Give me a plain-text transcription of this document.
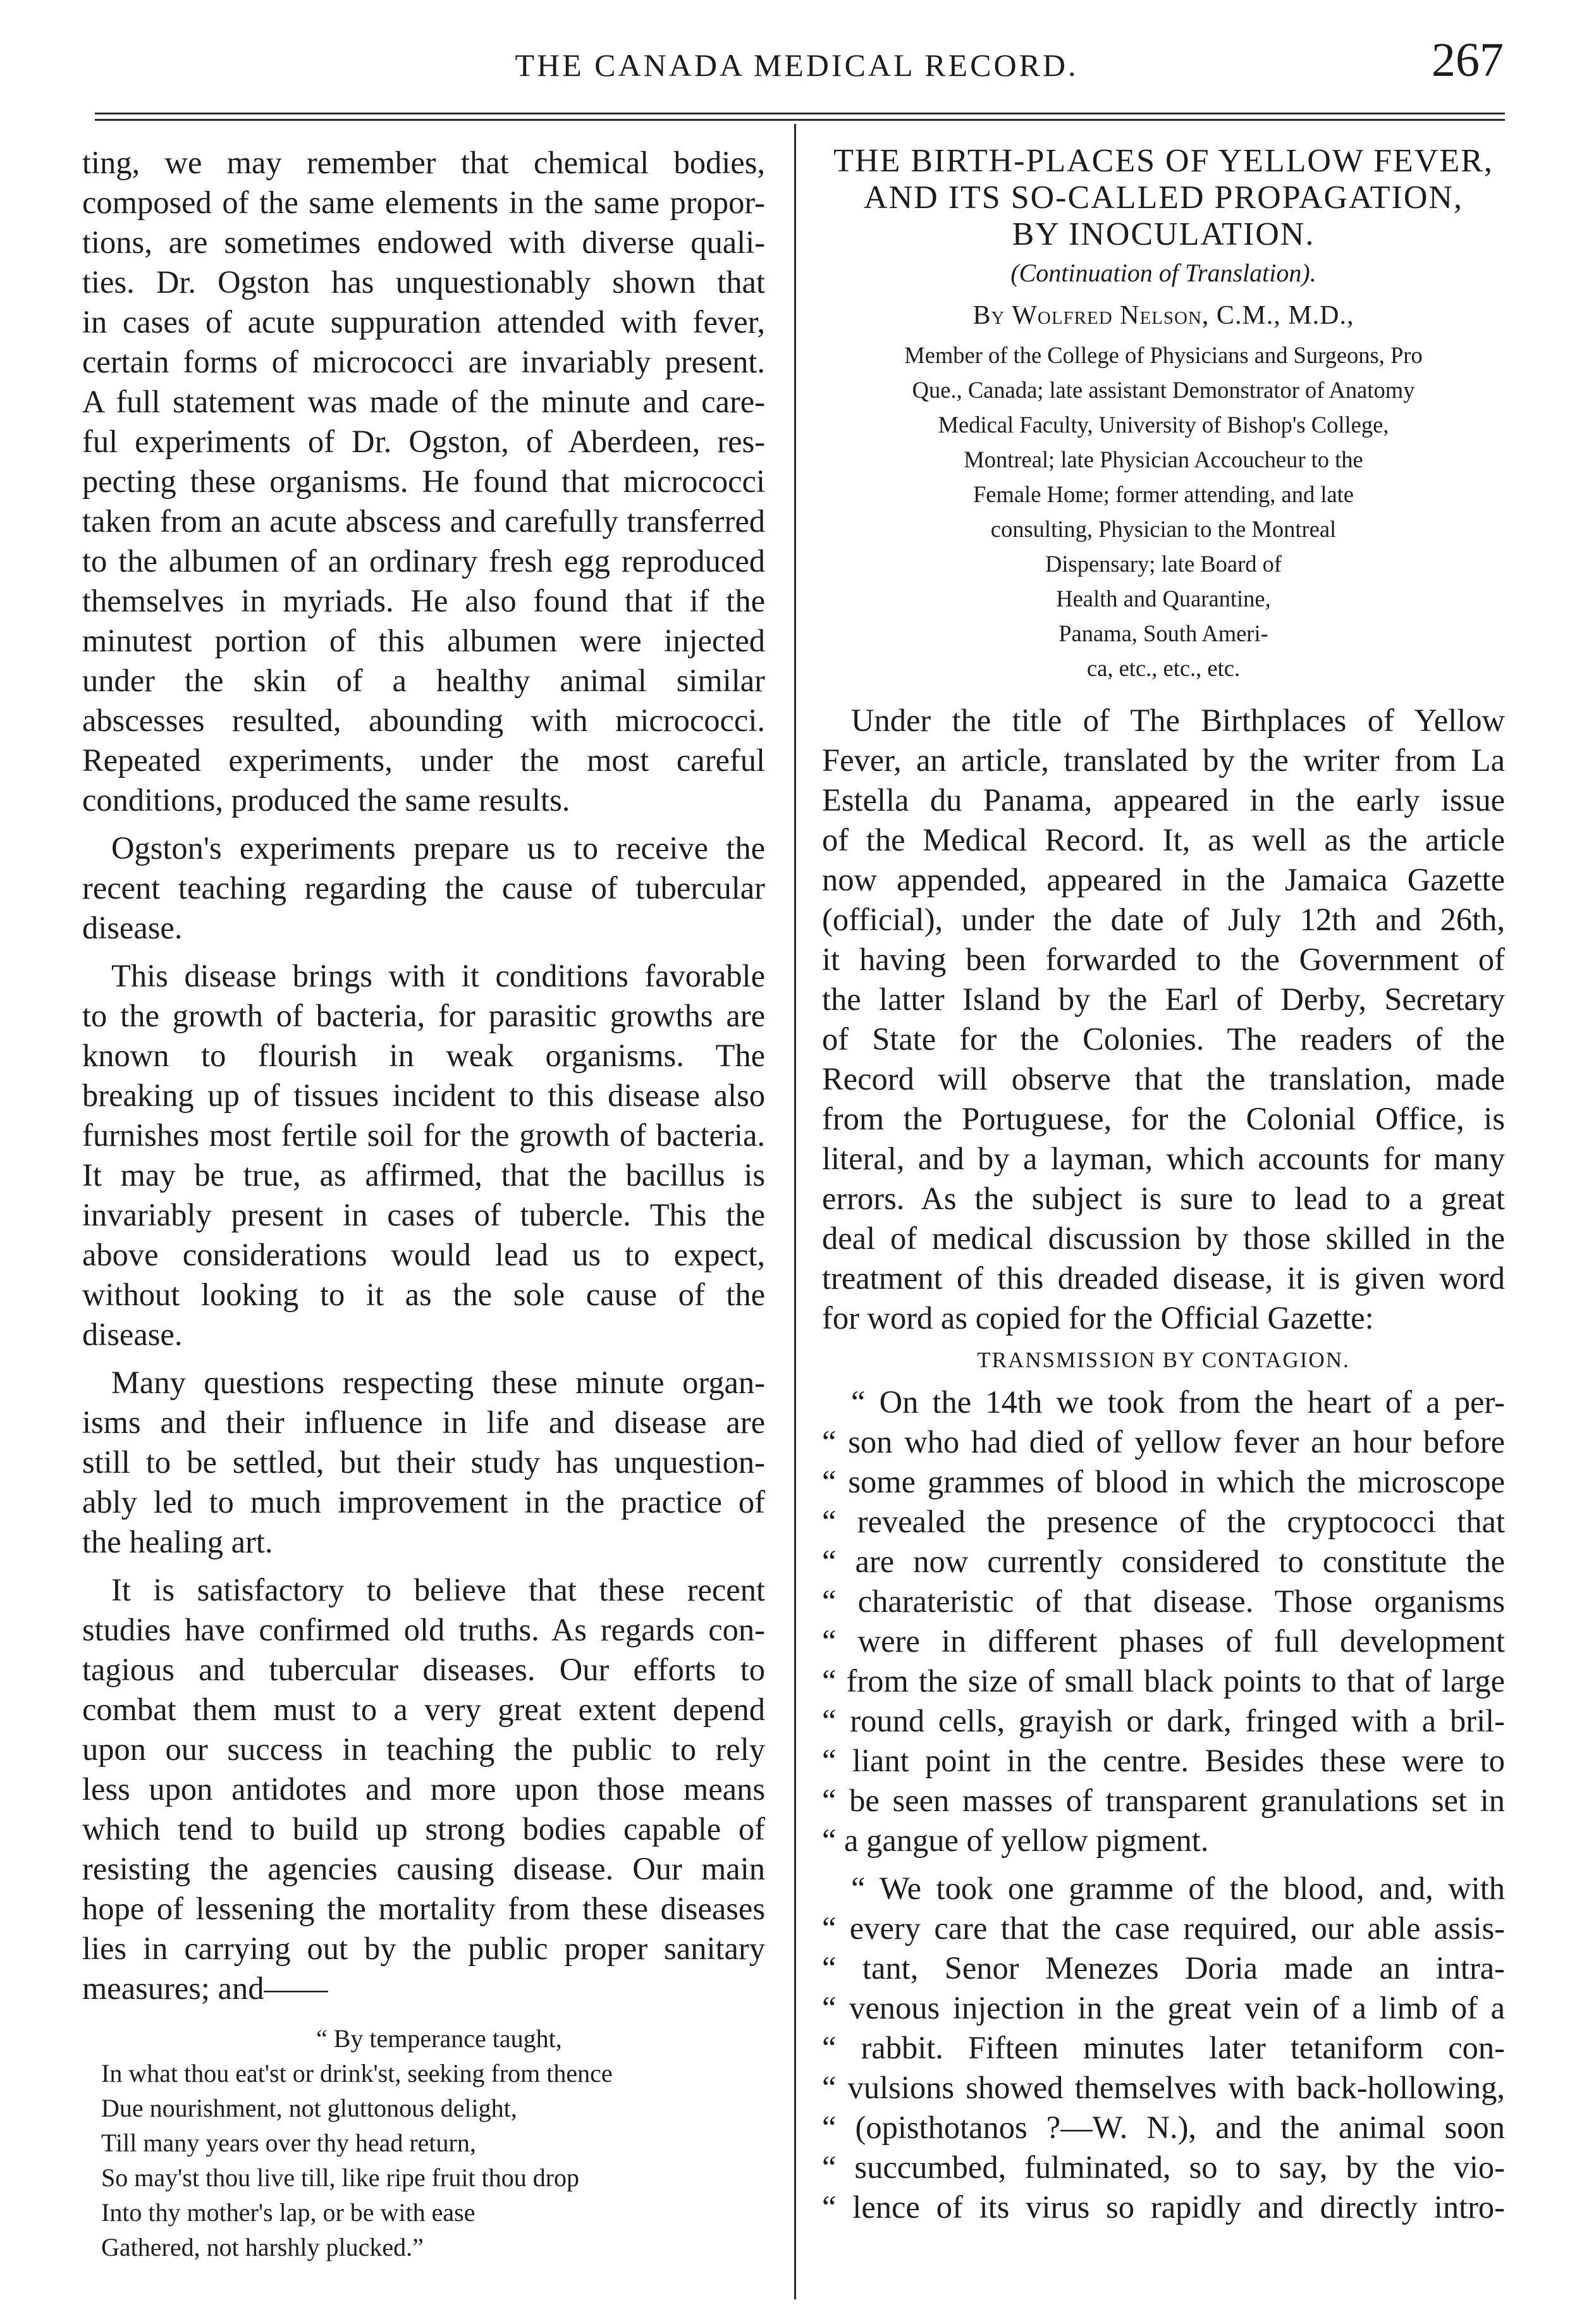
THE CANADA MEDICAL RECORD.	267
ting, we may remember that chemical bodies,
composed of the same elements in the same propor-
tions, are sometimes endowed with diverse quali-
ties. Dr. Ogston has unquestionably shown that
in cases of acute suppuration attended with fever,
certain forms of micrococci are invariably present.
A full statement was made of the minute and care-
ful experiments of Dr. Ogston, of Aberdeen, res-
pecting these organisms. He found that micrococci
taken from an acute abscess and carefully transferred
to the albumen of an ordinary fresh egg reproduced
themselves in myriads. He also found that if the
minutest portion of this albumen were injected
under the skin of a healthy animal similar
abscesses resulted, abounding with micrococci.
Repeated experiments, under the most careful
conditions, produced the same results.
Ogston's experiments prepare us to receive the
recent teaching regarding the cause of tubercular
disease.
This disease brings with it conditions favorable
to the growth of bacteria, for parasitic growths are
known to flourish in weak organisms. The
breaking up of tissues incident to this disease also
furnishes most fertile soil for the growth of bacteria.
It may be true, as affirmed, that the bacillus is
invariably present in cases of tubercle. This the
above considerations would lead us to expect,
without looking to it as the sole cause of the
disease.
Many questions respecting these minute organ-
isms and their influence in life and disease are
still to be settled, but their study has unquestion-
ably led to much improvement in the practice of
the healing art.
It is satisfactory to believe that these recent
studies have confirmed old truths. As regards con-
tagious and tubercular diseases. Our efforts to
combat them must to a very great extent depend
upon our success in teaching the public to rely
less upon antidotes and more upon those means
which tend to build up strong bodies capable of
resisting the agencies causing disease. Our main
hope of lessening the mortality from these diseases
lies in carrying out by the public proper sanitary
measures; and——
“ By temperance taught,
In what thou eat'st or drink'st, seeking from thence
Due nourishment, not gluttonous delight,
Till many years over thy head return,
So may'st thou live till, like ripe fruit thou drop
Into thy mother's lap, or be with ease
Gathered, not harshly plucked.”
THE BIRTH-PLACES OF YELLOW FEVER,
AND ITS SO-CALLED PROPAGATION,
BY INOCULATION.
(Continuation of Translation).
By Wolfred Nelson, C.M., M.D.,
Member of the College of Physicians and Surgeons, Pro
Que., Canada; late assistant Demonstrator of Anatomy
Medical Faculty, University of Bishop's College,
Montreal; late Physician Accoucheur to the
Female Home; former attending, and late
consulting, Physician to the Montreal
Dispensary; late Board of
Health and Quarantine,
Panama, South Ameri-
ca, etc., etc., etc.
Under the title of The Birthplaces of Yellow
Fever, an article, translated by the writer from La
Estella du Panama, appeared in the early issue
of the Medical Record. It, as well as the article
now appended, appeared in the Jamaica Gazette
(official), under the date of July 12th and 26th,
it having been forwarded to the Government of
the latter Island by the Earl of Derby, Secretary
of State for the Colonies. The readers of the
Record will observe that the translation, made
from the Portuguese, for the Colonial Office, is
literal, and by a layman, which accounts for many
errors. As the subject is sure to lead to a great
deal of medical discussion by those skilled in the
treatment of this dreaded disease, it is given word
for word as copied for the Official Gazette:
TRANSMISSION BY CONTAGION.
“ On the 14th we took from the heart of a per-
“ son who had died of yellow fever an hour before
“ some grammes of blood in which the microscope
“ revealed the presence of the cryptococci that
“ are now currently considered to constitute the
“ charateristic of that disease. Those organisms
“ were in different phases of full development
“ from the size of small black points to that of large
“ round cells, grayish or dark, fringed with a bril-
“ liant point in the centre. Besides these were to
“ be seen masses of transparent granulations set in
“ a gangue of yellow pigment.
“ We took one gramme of the blood, and, with
“ every care that the case required, our able assis-
“ tant, Senor Menezes Doria made an intra-
“ venous injection in the great vein of a limb of a
“ rabbit. Fifteen minutes later tetaniform con-
“ vulsions showed themselves with back-hollowing,
“ (opisthotanos ?—W. N.), and the animal soon
“ succumbed, fulminated, so to say, by the vio-
“ lence of its virus so rapidly and directly intro-
